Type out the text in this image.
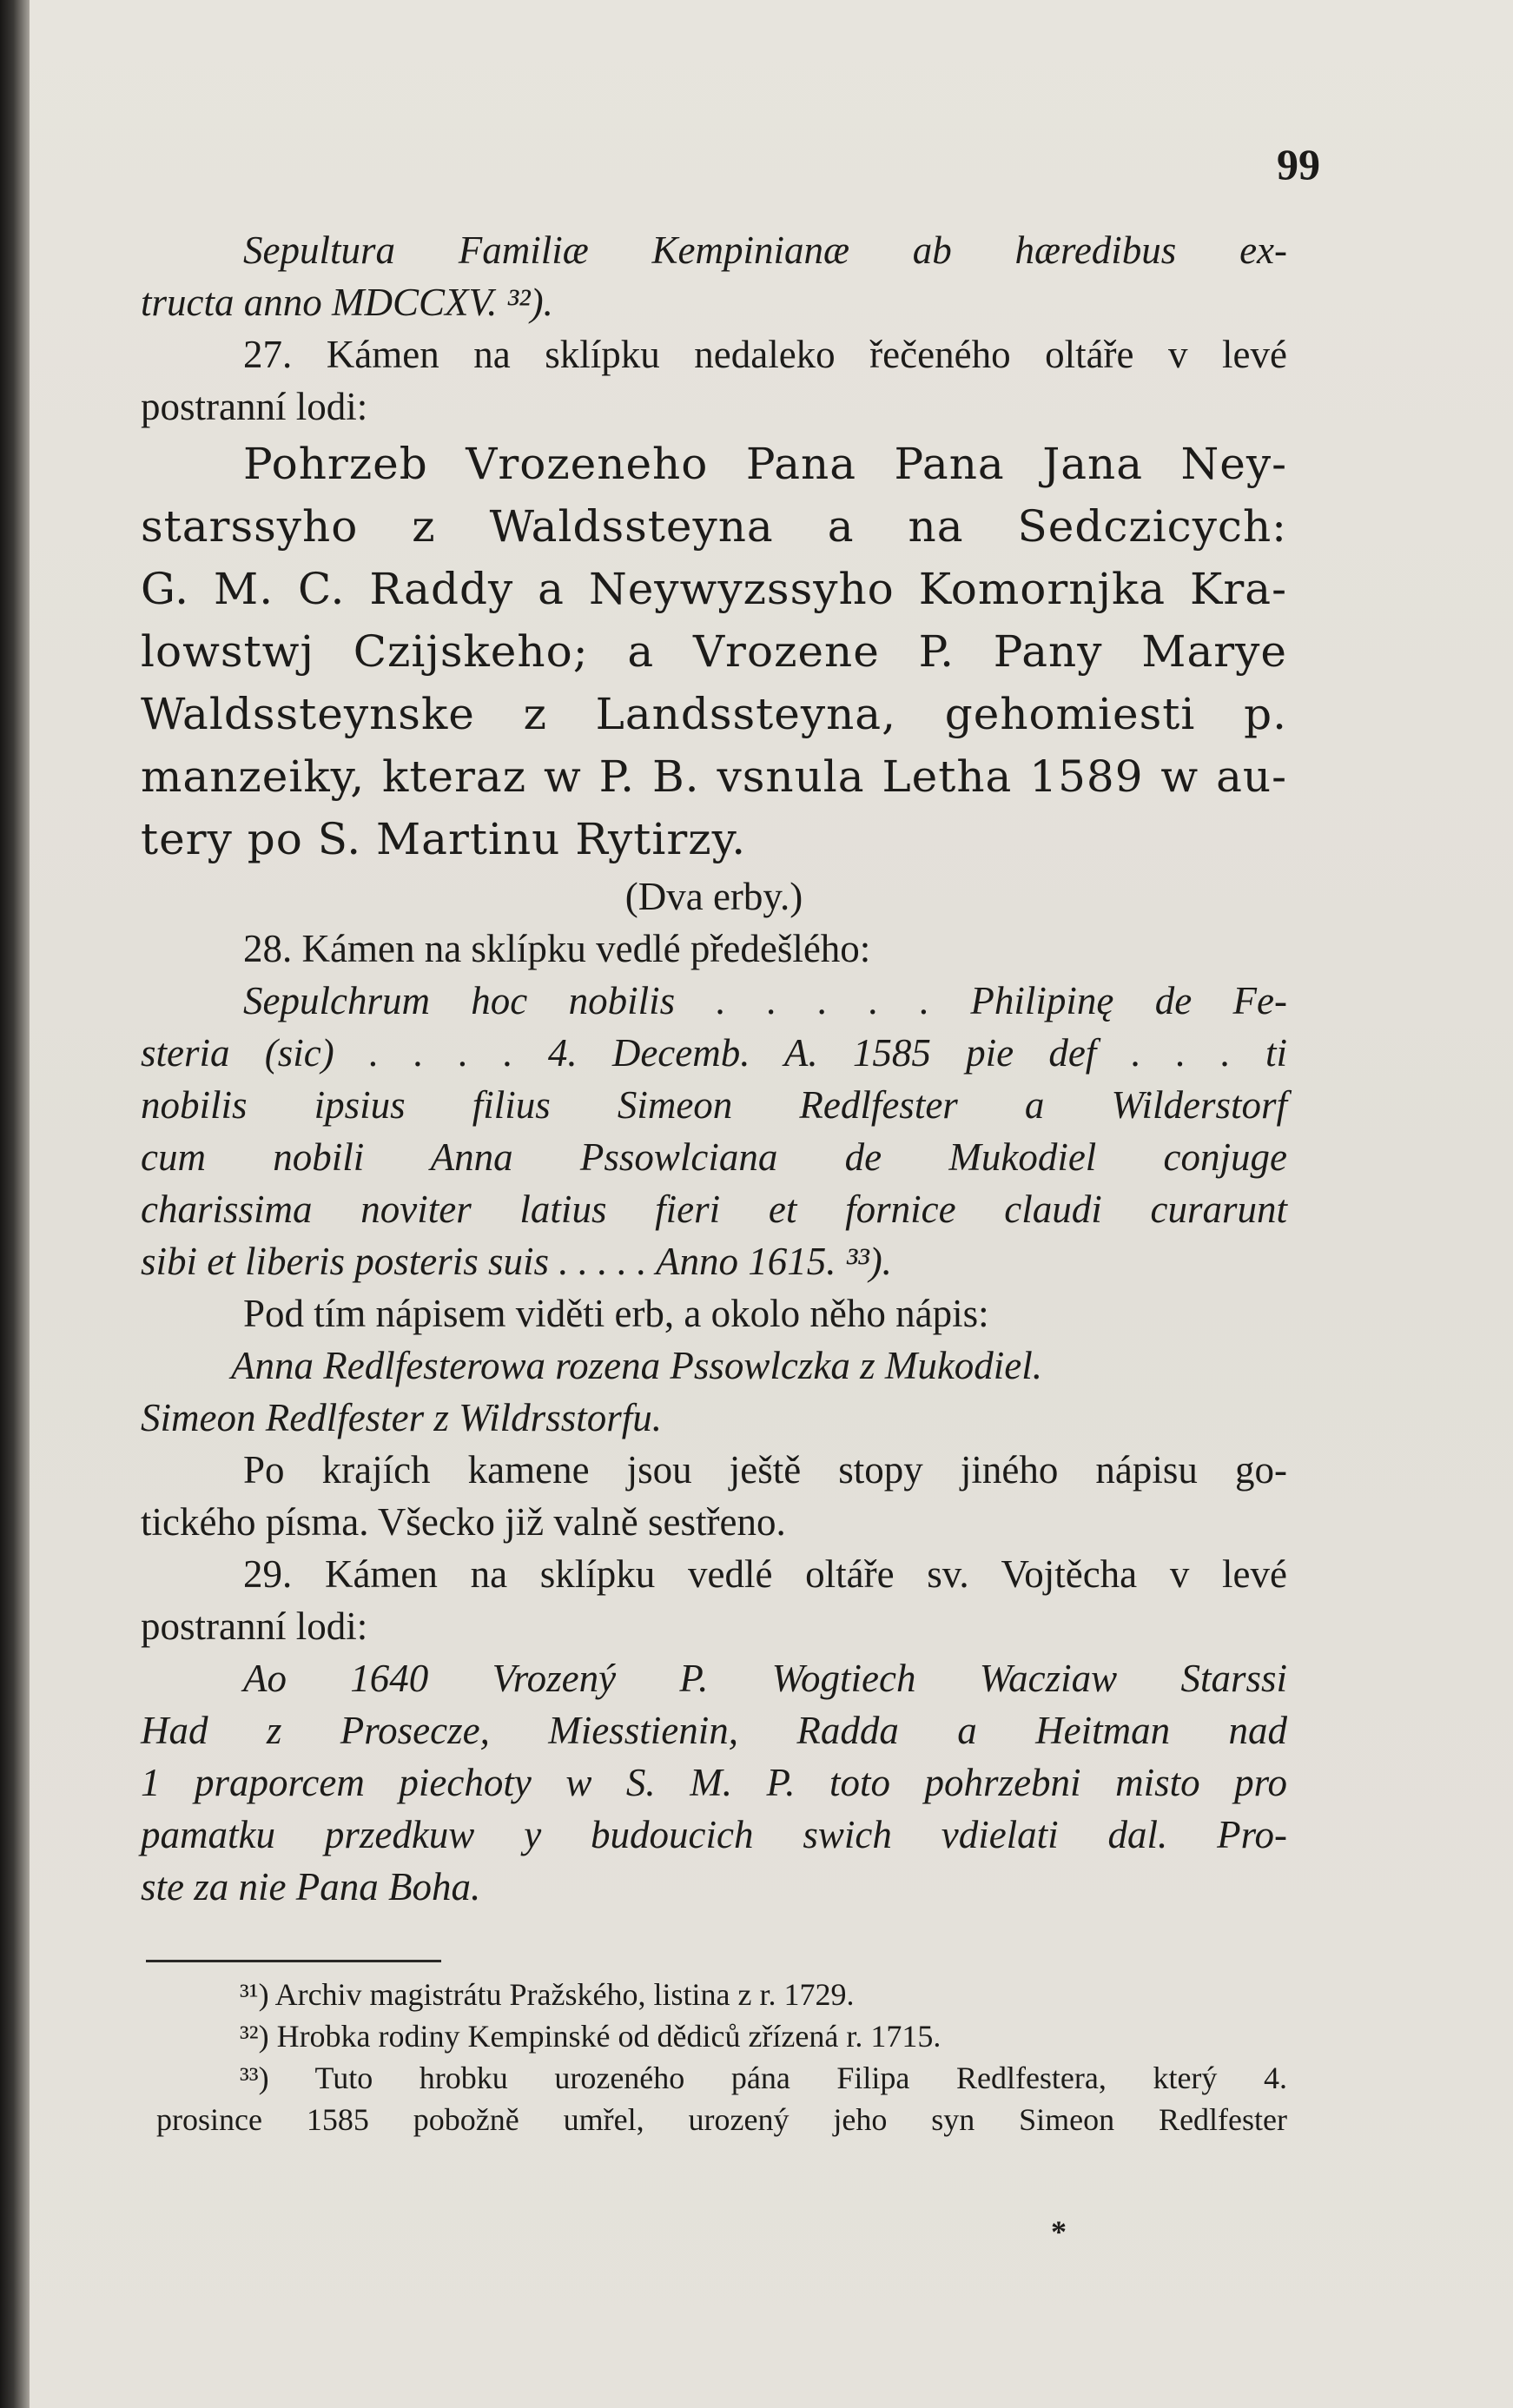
99
Sepultura Familiæ Kempinianæ ab hæredibus ex-
tructa anno MDCCXV. ³²).
27. Kámen na sklípku nedaleko řečeného oltáře v levé
postranní lodi:
Pohrzeb Vrozeneho Pana Pana Jana Ney-
starssyho z Waldssteyna a na Sedczicych:
G. M. C. Raddy a Neywyzssyho Komornjka Kra-
lowstwj Czijskeho; a Vrozene P. Pany Marye
Waldssteynske z Landssteyna, gehomiesti p.
manzeiky, kteraz w P. B. vsnula Letha 1589 w au-
tery po S. Martinu Rytirzy.
(Dva erby.)
28. Kámen na sklípku vedlé předešlého:
Sepulchrum hoc nobilis . . . . . Philipinę de Fe-
steria (sic) . . . . 4. Decemb. A. 1585 pie def . . . ti
nobilis ipsius filius Simeon Redlfester a Wilderstorf
cum nobili Anna Pssowlciana de Mukodiel conjuge
charissima noviter latius fieri et fornice claudi curarunt
sibi et liberis posteris suis . . . . . Anno 1615. ³³).
Pod tím nápisem viděti erb, a okolo něho nápis:
Anna Redlfesterowa rozena Pssowlczka z Mukodiel.
Simeon Redlfester z Wildrsstorfu.
Po krajích kamene jsou ještě stopy jiného nápisu go-
tického písma. Všecko již valně sestřeno.
29. Kámen na sklípku vedlé oltáře sv. Vojtěcha v levé
postranní lodi:
Ao 1640 Vrozený P. Wogtiech Wacziaw Starssi
Had z Prosecze, Miesstienin, Radda a Heitman nad
1 praporcem piechoty w S. M. P. toto pohrzebni misto pro
pamatku przedkuw y budoucich swich vdielati dal. Pro-
ste za nie Pana Boha.
³¹) Archiv magistrátu Pražského, listina z r. 1729.
³²) Hrobka rodiny Kempinské od dědiců zřízená r. 1715.
³³) Tuto hrobku urozeného pána Filipa Redlfestera, který 4.
prosince 1585 pobožně umřel, urozený jeho syn Simeon Redlfester
*
